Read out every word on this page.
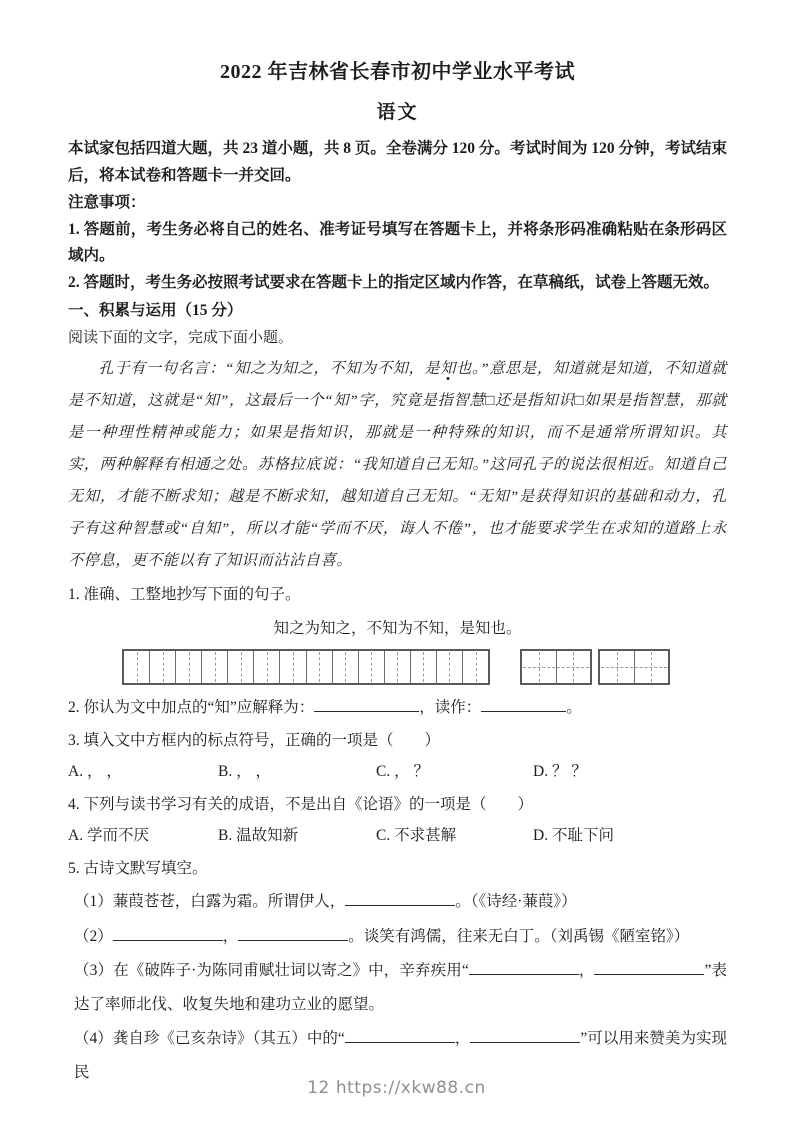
2022 年吉林省长春市初中学业水平考试
语文

本试家包括四道大题，共 23 道小题，共 8 页。全卷满分 120 分。考试时间为 120 分钟，考试结束后，将本试卷和答题卡一并交回。

注意事项：

1. 答题前，考生务必将自己的姓名、准考证号填写在答题卡上，并将条形码准确粘贴在条形码区域内。

2. 答题时，考生务必按照考试要求在答题卡上的指定区域内作答，在草稿纸，试卷上答题无效。

一、积累与运用（15 分）

阅读下面的文字，完成下面小题。

孔于有一句名言：“知之为知之，不知为不知，是知也。”意思是，知道就是知道，不知道就是不知道，这就是“知”，这最后一个“知”字，究竟是指智慧□还是指知识□如果是指智慧，那就是一种理性精神或能力；如果是指知识，那就是一种特殊的知识，而不是通常所谓知识。其实，两种解释有相通之处。苏格拉底说：“我知道自己无知。”这同孔子的说法很相近。知道自己无知，才能不断求知；越是不断求知，越知道自己无知。“无知”是获得知识的基础和动力，孔子有这种智慧或“自知”，所以才能“学而不厌，诲人不倦”，也才能要求学生在求知的道路上永不停息，更不能以有了知识而沾沾自喜。

1. 准确、工整地抄写下面的句子。

知之为知之，不知为不知，是知也。

2. 你认为文中加点的“知”应解释为：	，读作：	。

3. 填入文中方框内的标点符号，正确的一项是（　　）

A. ， ，	B. ， ，	C. ， ？	D. ？ ？

4. 下列与读书学习有关的成语，不是出自《论语》的一项是（　　）

A. 学而不厌	B. 温故知新	C. 不求甚解	D. 不耻下问

5. 古诗文默写填空。

（1）蒹葭苍苍，白露为霜。所谓伊人，	。（《诗经·蒹葭》）

（2）	，	。谈笑有鸿儒，往来无白丁。（刘禹锡《陋室铭》）

（3）在《破阵子·为陈同甫赋壮词以寄之》中，辛弃疾用“	，	”表达了率师北伐、收复失地和建功立业的愿望。

（4）龚自珍《己亥杂诗》（其五）中的“	，	”可以用来赞美为实现民

12 https://xkw88.cn
